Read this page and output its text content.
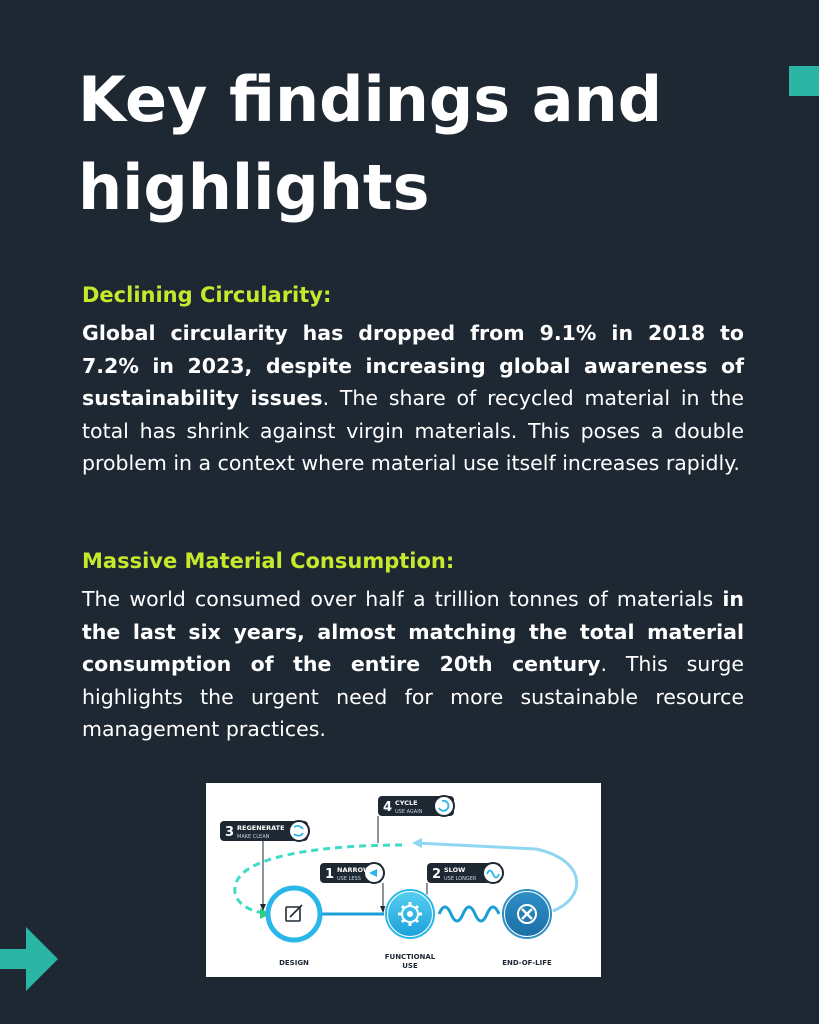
Key findings and highlights
Declining Circularity:

Global circularity has dropped from 9.1% in 2018 to 7.2% in 2023, despite increasing global awareness of sustainability issues. The share of recycled material in the total has shrink against virgin materials. This poses a double problem in a context where material use itself increases rapidly.

Massive Material Consumption:

The world consumed over half a trillion tonnes of materials in the last six years, almost matching the total material consumption of the entire 20th century. This surge highlights the urgent need for more sustainable resource management practices.

3 REGENERATE
MAKE CLEAN
4 CYCLE
USE AGAIN
1 NARROW
USE LESS	2 SLOW
USE LONGER
DESIGN
FUNCTIONAL
USE	END-OF-LIFE
